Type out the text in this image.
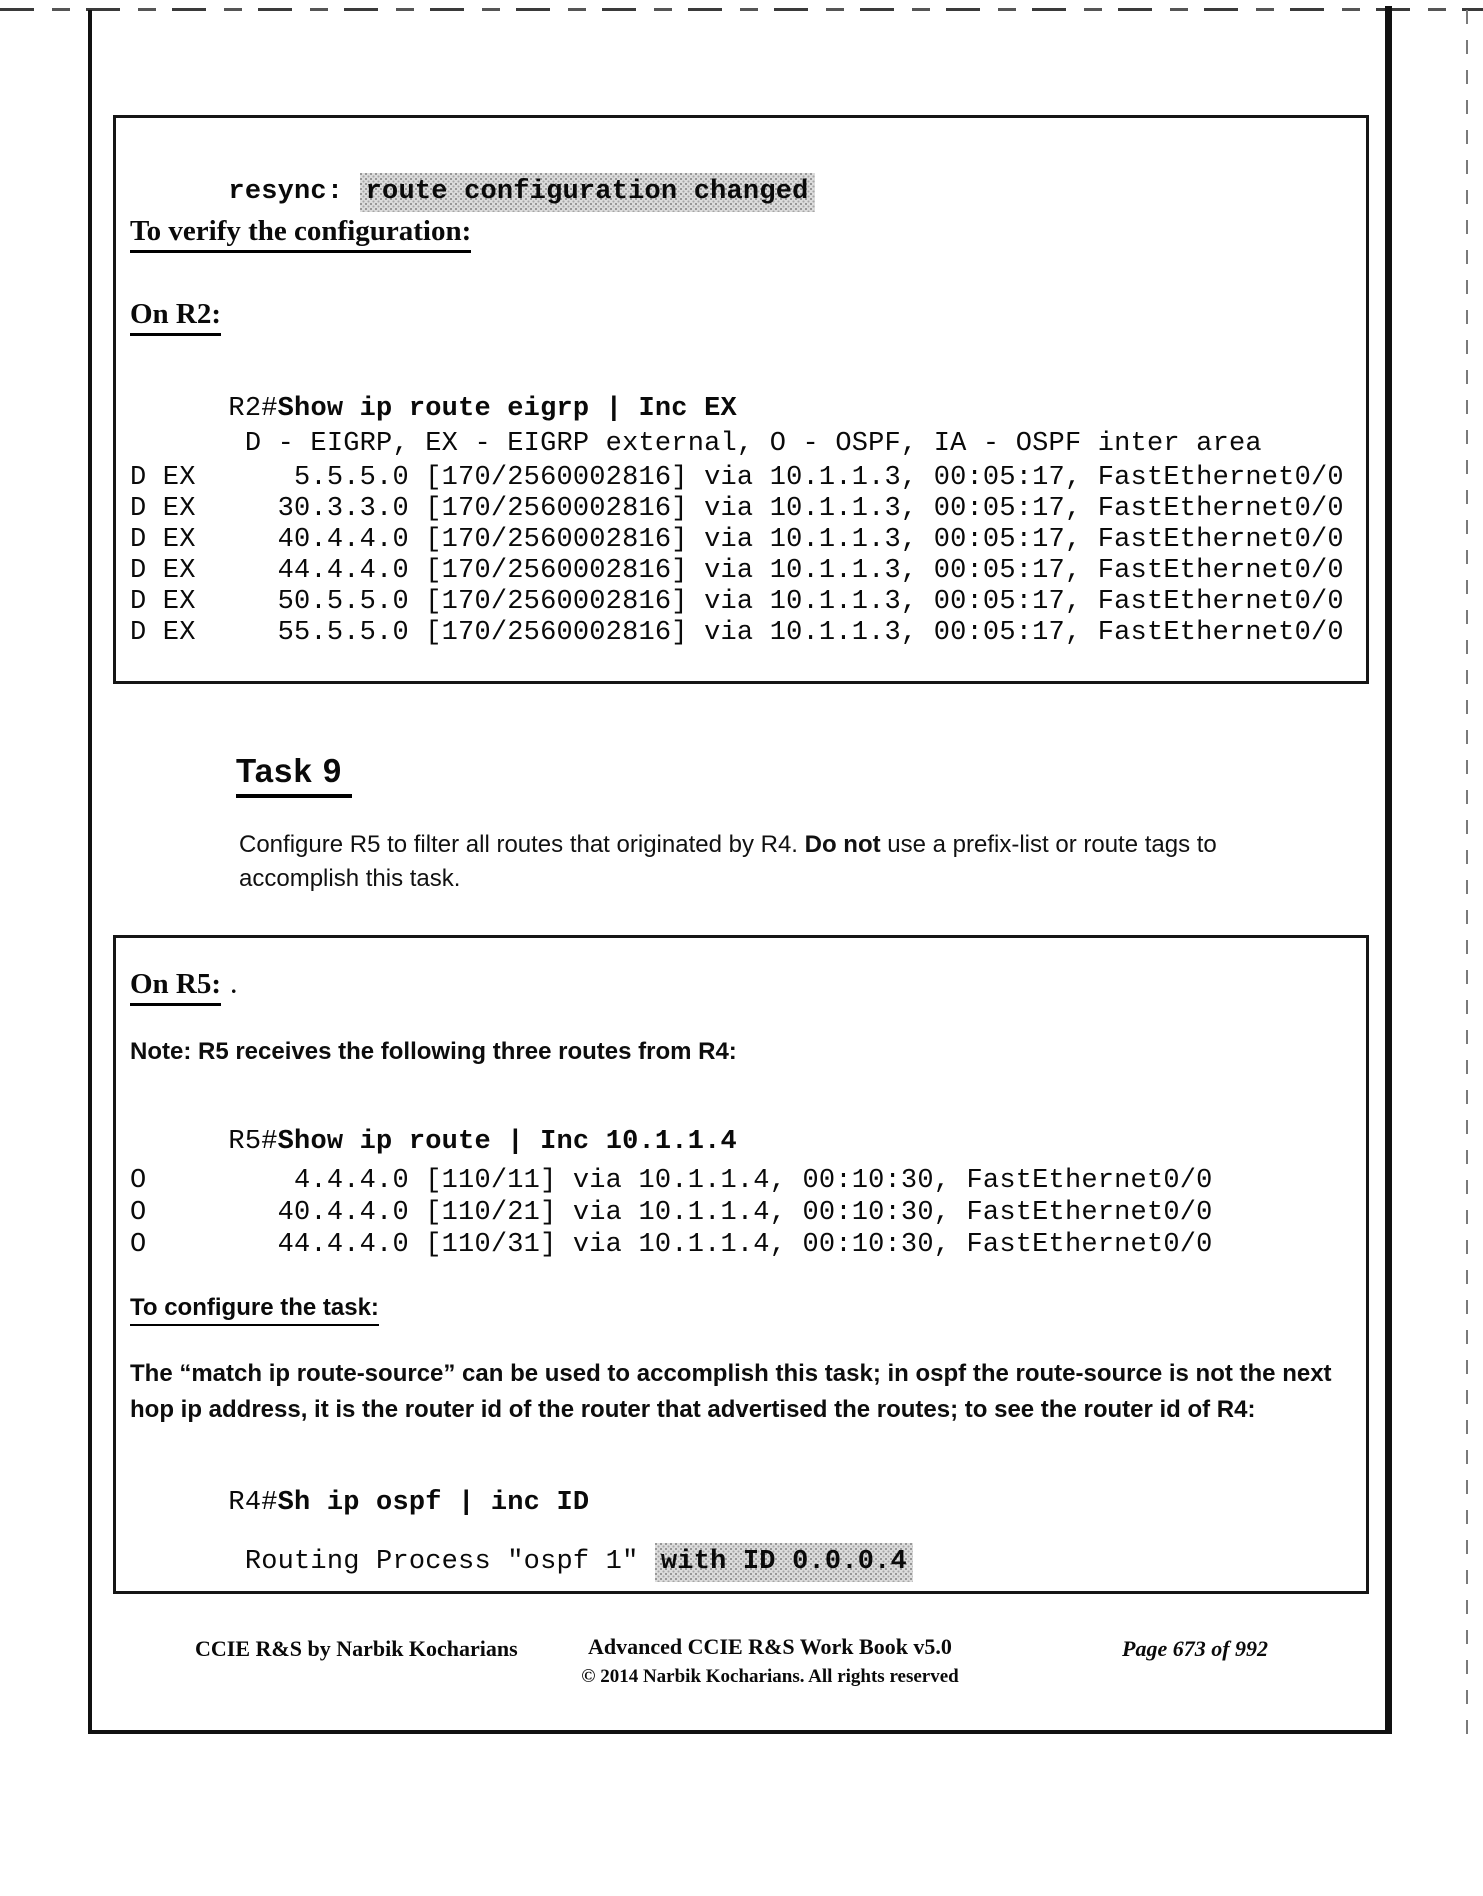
resync: route configuration changed

To verify the configuration:
On R2:

R2#Show ip route eigrp | Inc EX

D - EIGRP, EX - EIGRP external, O - OSPF, IA - OSPF inter area
D EX      5.5.5.0 [170/2560002816] via 10.1.1.3, 00:05:17, FastEthernet0/0
D EX     30.3.3.0 [170/2560002816] via 10.1.1.3, 00:05:17, FastEthernet0/0
D EX     40.4.4.0 [170/2560002816] via 10.1.1.3, 00:05:17, FastEthernet0/0
D EX     44.4.4.0 [170/2560002816] via 10.1.1.3, 00:05:17, FastEthernet0/0
D EX     50.5.5.0 [170/2560002816] via 10.1.1.3, 00:05:17, FastEthernet0/0
D EX     55.5.5.0 [170/2560002816] via 10.1.1.3, 00:05:17, FastEthernet0/0
Task 9
Configure R5 to filter all routes that originated by R4. Do not use a prefix-list or route tags to accomplish this task.
On R5: .
Note: R5 receives the following three routes from R4:

R5#Show ip route | Inc 10.1.1.4

O         4.4.4.0 [110/11] via 10.1.1.4, 00:10:30, FastEthernet0/0
O        40.4.4.0 [110/21] via 10.1.1.4, 00:10:30, FastEthernet0/0
O        44.4.4.0 [110/31] via 10.1.1.4, 00:10:30, FastEthernet0/0
To configure the task:
The “match ip route-source” can be used to accomplish this task; in ospf the route-source is not the next hop ip address, it is the router id of the router that advertised the routes; to see the router id of R4:

R4#Sh ip ospf | inc ID

Routing Process "ospf 1" with ID 0.0.0.4

CCIE R&S by Narbik Kocharians	Advanced CCIE R&S Work Book v5.0
© 2014 Narbik Kocharians. All rights reserved
Page 673 of 992
